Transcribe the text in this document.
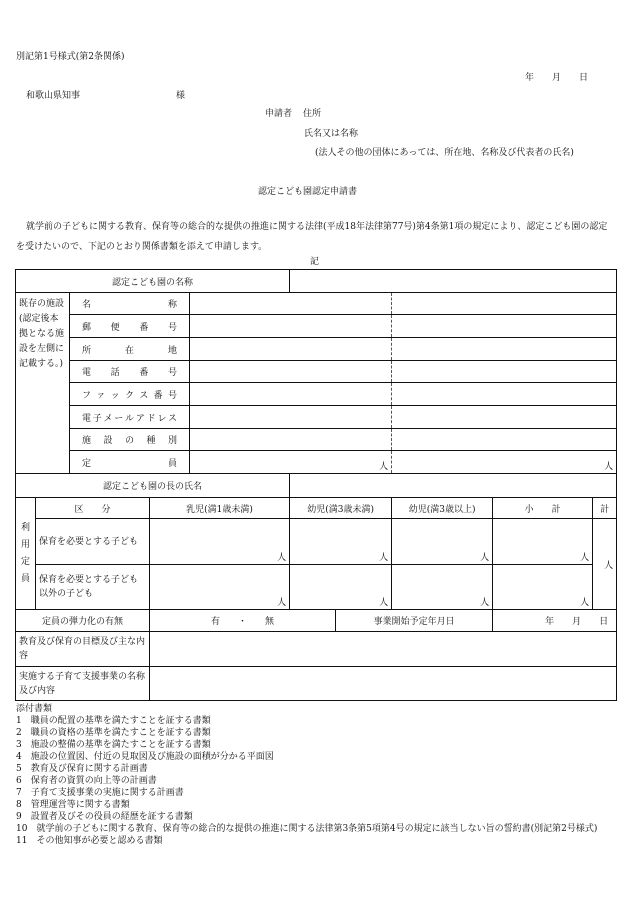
別記第1号様式(第2条関係)

年　　月　　日

和歌山県知事	様

申請者 住所

氏名又は名称

(法人その他の団体にあっては、所在地、名称及び代表者の氏名)

認定こども園認定申請書

就学前の子どもに関する教育、保育等の総合的な提供の推進に関する法律(平成18年法律第77号)第4条第1項の規定により、認定こども園の認定を受けたいので、下記のとおり関係書類を添えて申請します。

記

認定こども園の名称									
既存の施設(認定後本拠となる施設を左側に記載する。)		名　　　称							
		郵　便　番　号							
		所　　在　　地							
		電　話　番　号							
		ファックス番号							
		電子メールアドレス							
		施　設　の　種　別							
		定　　　　員		人			人		
認定こども園の長の氏名									
利用定員	区　　分		乳児(満1歳未満)		幼児(満3歳未満)		幼児(満3歳以上)	小　　計	計
	保育を必要とする子ども		人		人		人	人	人
	保育を必要とする子ども以外の子ども		人		人		人	人	
定員の弾力化の有無			有　　・　　無			事業開始予定年月日		年　　月　　日	
教育及び保育の目標及び主な内容									
実施する子育て支援事業の名称及び内容									
添付書類
1　職員の配置の基準を満たすことを証する書類
2　職員の資格の基準を満たすことを証する書類
3　施設の整備の基準を満たすことを証する書類
4　施設の位置図、付近の見取図及び施設の面積が分かる平面図
5　教育及び保育に関する計画書
6　保育者の資質の向上等の計画書
7　子育て支援事業の実施に関する計画書
8　管理運営等に関する書類
9　設置者及びその役員の経歴を証する書類
10　就学前の子どもに関する教育、保育等の総合的な提供の推進に関する法律第3条第5項第4号の規定に該当しない旨の誓約書(別記第2号様式)
11　その他知事が必要と認める書類
